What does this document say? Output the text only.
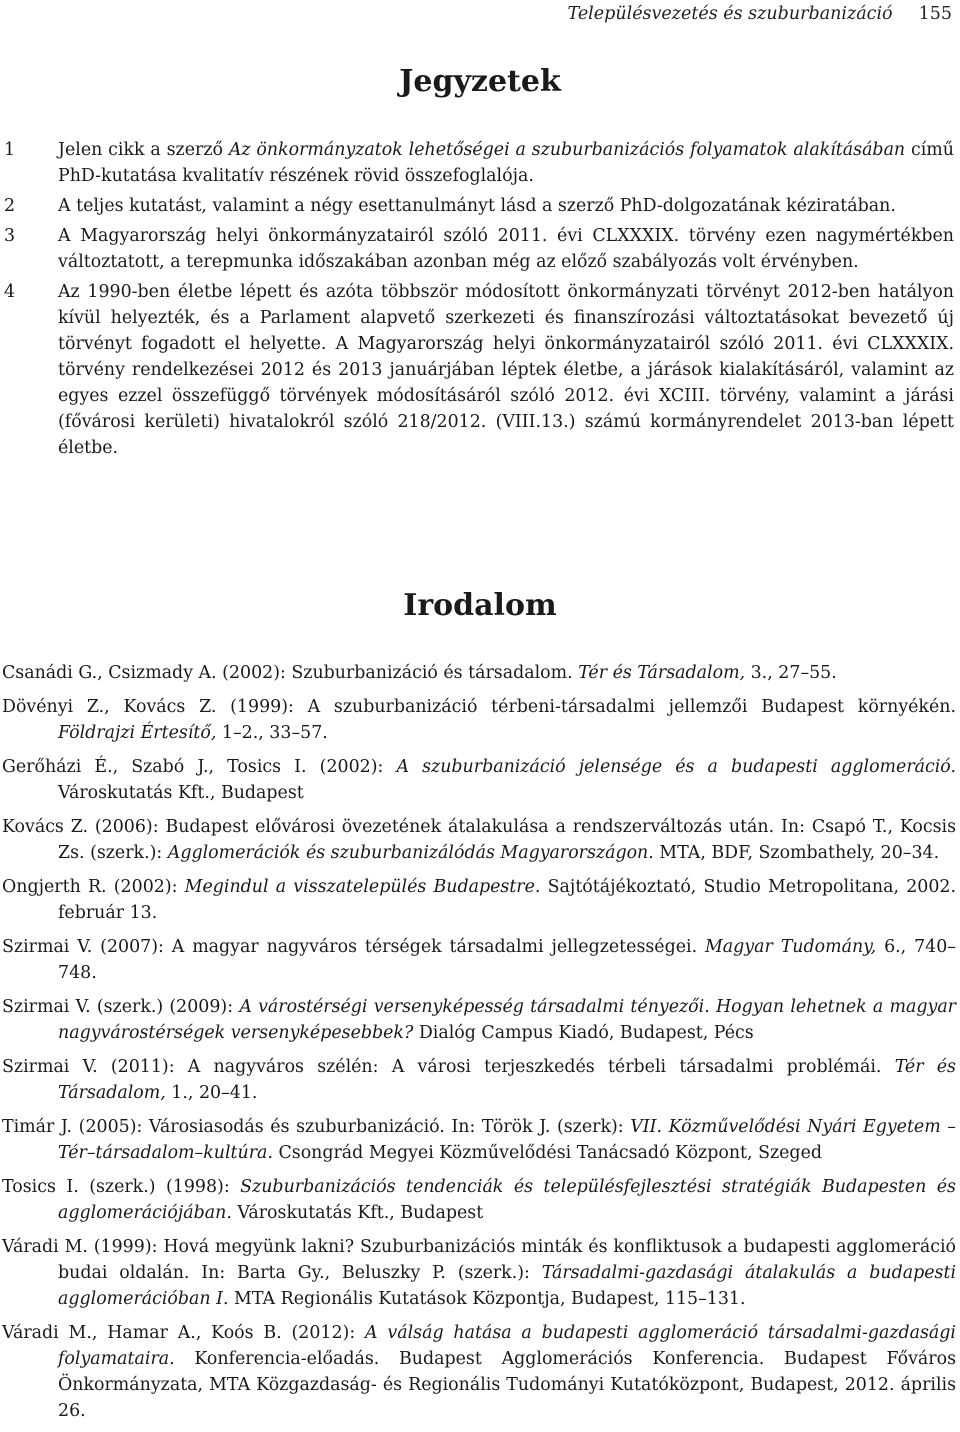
Településvezetés és szuburbanizáció 155
Jegyzetek
1 Jelen cikk a szerző Az önkormányzatok lehetőségei a szuburbanizációs folyamatok alakításában című PhD-kutatása kvalitatív részének rövid összefoglalója.
2 A teljes kutatást, valamint a négy esettanulmányt lásd a szerző PhD-dolgozatának kéziratában.
3 A Magyarország helyi önkormányzatairól szóló 2011. évi CLXXXIX. törvény ezen nagymértékben változtatott, a terepmunka időszakában azonban még az előző szabályozás volt érvényben.
4 Az 1990-ben életbe lépett és azóta többször módosított önkormányzati törvényt 2012-ben hatályon kívül helyezték, és a Parlament alapvető szerkezeti és finanszírozási változtatásokat bevezető új törvényt fogadott el helyette. A Magyarország helyi önkormányzatairól szóló 2011. évi CLXXXIX. törvény rendelkezései 2012 és 2013 januárjában léptek életbe, a járások kialakításáról, valamint az egyes ezzel összefüggő törvények módosításáról szóló 2012. évi XCIII. törvény, valamint a járási (fővárosi kerületi) hivatalokról szóló 218/2012. (VIII.13.) számú kormányrendelet 2013-ban lépett életbe.
Irodalom
Csanádi G., Csizmady A. (2002): Szuburbanizáció és társadalom. Tér és Társadalom, 3., 27–55.
Dövényi Z., Kovács Z. (1999): A szuburbanizáció térbeni-társadalmi jellemzői Budapest környékén. Földrajzi Értesítő, 1–2., 33–57.
Gerőházi É., Szabó J., Tosics I. (2002): A szuburbanizáció jelensége és a budapesti agglomeráció. Városkutatás Kft., Budapest
Kovács Z. (2006): Budapest elővárosi övezetének átalakulása a rendszerváltozás után. In: Csapó T., Kocsis Zs. (szerk.): Agglomerációk és szuburbanizálódás Magyarországon. MTA, BDF, Szombathely, 20–34.
Ongjerth R. (2002): Megindul a visszatelepülés Budapestre. Sajtótájékoztató, Studio Metropolitana, 2002. február 13.
Szirmai V. (2007): A magyar nagyváros térségek társadalmi jellegzetességei. Magyar Tudomány, 6., 740–748.
Szirmai V. (szerk.) (2009): A várostérségi versenyképesség társadalmi tényezői. Hogyan lehetnek a magyar nagyvárostérségek versenyképesebbek? Dialóg Campus Kiadó, Budapest, Pécs
Szirmai V. (2011): A nagyváros szélén: A városi terjeszkedés térbeli társadalmi problémái. Tér és Társadalom, 1., 20–41.
Timár J. (2005): Városiasodás és szuburbanizáció. In: Török J. (szerk): VII. Közművelődési Nyári Egyetem – Tér–társadalom–kultúra. Csongrád Megyei Közművelődési Tanácsadó Központ, Szeged
Tosics I. (szerk.) (1998): Szuburbanizációs tendenciák és településfejlesztési stratégiák Budapesten és agglomerációjában. Városkutatás Kft., Budapest
Váradi M. (1999): Hová megyünk lakni? Szuburbanizációs minták és konfliktusok a budapesti agglomeráció budai oldalán. In: Barta Gy., Beluszky P. (szerk.): Társadalmi-gazdasági átalakulás a budapesti agglomerációban I. MTA Regionális Kutatások Központja, Budapest, 115–131.
Váradi M., Hamar A., Koós B. (2012): A válság hatása a budapesti agglomeráció társadalmi-gazdasági folyamataira. Konferencia-előadás. Budapest Agglomerációs Konferencia. Budapest Főváros Önkormányzata, MTA Közgazdaság- és Regionális Tudományi Kutatóközpont, Budapest, 2012. április 26.
